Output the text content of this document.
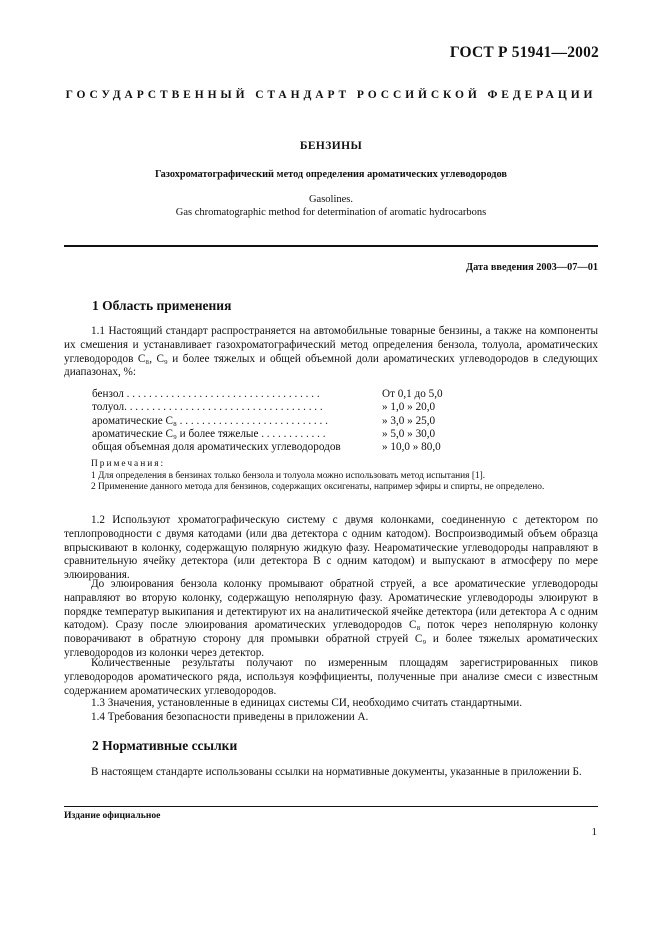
ГОСТ Р 51941—2002
ГОСУДАРСТВЕННЫЙ СТАНДАРТ РОССИЙСКОЙ ФЕДЕРАЦИИ
БЕНЗИНЫ
Газохроматографический метод определения ароматических углеводородов
Gasolines.
Gas chromatographic method for determination of aromatic hydrocarbons
Дата введения 2003—07—01
1 Область применения

1.1 Настоящий стандарт распространяется на автомобильные товарные бензины, а также на компоненты их смешения и устанавливает газохроматографический метод определения бензола, толуола, ароматических углеводородов C₈, C₉ и более тяжелых и общей объемной доли ароматических углеводородов в следующих диапазонах, %:

бензол . . . . . . . . . . . . . . . . . . . . . . . . . . . . . . . . . . .	От 0,1 до 5,0
толуол. . . . . . . . . . . . . . . . . . . . . . . . . . . . . . . . . . . .	» 1,0 » 20,0
ароматические C₈ . . . . . . . . . . . . . . . . . . . . . . . . . . .	» 3,0 » 25,0
ароматические C₉ и более тяжелые . . . . . . . . . . . .	» 5,0 » 30,0
общая объемная доля ароматических углеводородов	» 10,0 » 80,0

Примечания:

1 Для определения в бензинах только бензола и толуола можно использовать метод испытания [1].

2 Применение данного метода для бензинов, содержащих оксигенаты, например эфиры и спирты, не определено.

1.2 Используют хроматографическую систему с двумя колонками, соединенную с детектором по теплопроводности с двумя катодами (или два детектора с одним катодом). Воспроизводимый объем образца впрыскивают в колонку, содержащую полярную жидкую фазу. Неароматические углеводороды направляют в сравнительную ячейку детектора (или детектора В с одним катодом) и выпускают в атмосферу по мере элюирования.

До элюирования бензола колонку промывают обратной струей, а все ароматические углеводороды направляют во вторую колонку, содержащую неполярную фазу. Ароматические углеводороды элюируют в порядке температур выкипания и детектируют их на аналитической ячейке детектора (или детектора А с одним катодом). Сразу после элюирования ароматических углеводородов C₈ поток через неполярную колонку поворачивают в обратную сторону для промывки обратной струей C₉ и более тяжелых ароматических углеводородов из колонки через детектор.

Количественные результаты получают по измеренным площадям зарегистрированных пиков углеводородов ароматического ряда, используя коэффициенты, полученные при анализе смеси с известным содержанием ароматических углеводородов.

1.3 Значения, установленные в единицах системы СИ, необходимо считать стандартными.

1.4 Требования безопасности приведены в приложении А.

2 Нормативные ссылки

В настоящем стандарте использованы ссылки на нормативные документы, указанные в приложении Б.

Издание официальное
1
